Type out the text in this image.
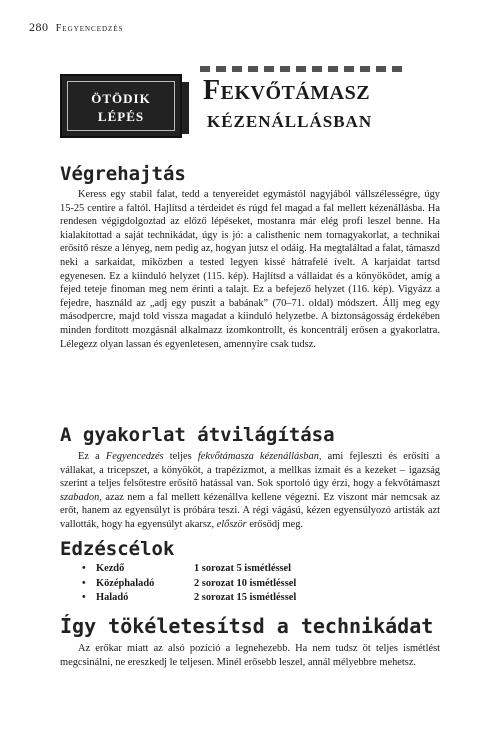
280 Fegyencedzés
ÖTÖDIK
LÉPÉS
Fekvőtámasz
kézenállásban
Végrehajtás

Keress egy stabil falat, tedd a tenyereidet egymástól nagyjából vállszélességre, úgy 15-25 centire a faltól. Hajlítsd a térdeidet és rúgd fel magad a fal mellett kézenállásba. Ha rendesen végigdolgoztad az előző lépéseket, mostanra már elég profi leszel benne. Ha kialakítottad a saját technikádat, úgy is jó: a calisthenic nem tornagyakorlat, a technikai erősítő része a lényeg, nem pedig az, hogyan jutsz el odáig. Ha megtaláltad a falat, támaszd neki a sarkaidat, miközben a tested legyen kissé hátrafelé ívelt. A karjaidat tartsd egyenesen. Ez a kiinduló helyzet (115. kép). Hajlítsd a vállaidat és a könyöködet, amíg a fejed teteje finoman meg nem érinti a talajt. Ez a befejező helyzet (116. kép). Vigyázz a fejedre, használd az „adj egy puszit a babának” (70–71. oldal) módszert. Állj meg egy másodpercre, majd told vissza magadat a kiinduló helyzetbe. A biztonságosság érdekében minden fordított mozgásnál alkalmazz izomkontrollt, és koncentrálj erősen a gyakorlatra. Lélegezz olyan lassan és egyenletesen, amennyire csak tudsz.

A gyakorlat átvilágítása

Ez a Fegyencedzés teljes fekvőtámasza kézenállásban, ami fejleszti és erősíti a vállakat, a tricepszet, a könyököt, a trapézizmot, a mellkas izmait és a kezeket – igazság szerint a teljes felsőtestre erősítő hatással van. Sok sportoló úgy érzi, hogy a fekvőtámaszt szabadon, azaz nem a fal mellett kézenállva kellene végezni. Ez viszont már nemcsak az erőt, hanem az egyensúlyt is próbára teszi. A régi vágású, kézen egyensúlyozó artisták azt vallották, hogy ha egyensúlyt akarsz, először erősödj meg.

Edzéscélok
• Kezdő	1 sorozat 5 ismétléssel
• Középhaladó	2 sorozat 10 ismétléssel
• Haladó	2 sorozat 15 ismétléssel
Így tökéletesítsd a technikádat

Az erőkar miatt az alsó pozíció a legnehezebb. Ha nem tudsz öt teljes ismétlést megcsinálni, ne ereszkedj le teljesen. Minél erősebb leszel, annál mélyebbre mehetsz.
